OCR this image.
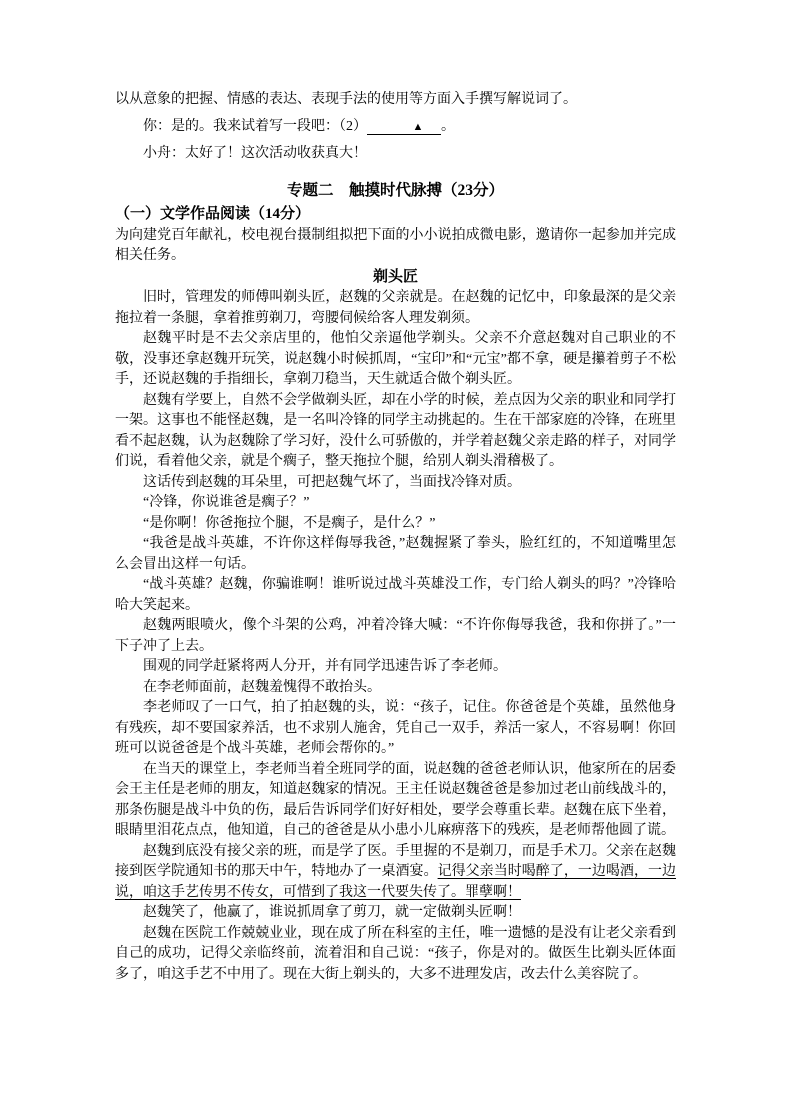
以从意象的把握、情感的表达、表现手法的使用等方面入手撰写解说词了。

你：是的。我来试着写一段吧：（2）	▲ 。

小舟：太好了！这次活动收获真大！

专题二　触摸时代脉搏（23分）
（一）文学作品阅读（14分）

为向建党百年献礼，校电视台摄制组拟把下面的小小说拍成微电影，邀请你一起参加并完成相关任务。

剃头匠

旧时，管理发的师傅叫剃头匠，赵魏的父亲就是。在赵魏的记忆中，印象最深的是父亲拖拉着一条腿，拿着推剪剃刀，弯腰伺候给客人理发剃须。

赵魏平时是不去父亲店里的，他怕父亲逼他学剃头。父亲不介意赵魏对自己职业的不敬，没事还拿赵魏开玩笑，说赵魏小时候抓周，“宝印”和“元宝”都不拿，硬是攥着剪子不松手，还说赵魏的手指细长，拿剃刀稳当，天生就适合做个剃头匠。

赵魏有学要上，自然不会学做剃头匠，却在小学的时候，差点因为父亲的职业和同学打一架。这事也不能怪赵魏，是一名叫冷锋的同学主动挑起的。生在干部家庭的冷锋，在班里看不起赵魏，认为赵魏除了学习好，没什么可骄傲的，并学着赵魏父亲走路的样子，对同学们说，看着他父亲，就是个瘸子，整天拖拉个腿，给别人剃头滑稽极了。

这话传到赵魏的耳朵里，可把赵魏气坏了，当面找冷锋对质。

“冷锋，你说谁爸是瘸子？”

“是你啊！你爸拖拉个腿，不是瘸子，是什么？”

“我爸是战斗英雄，不许你这样侮辱我爸，”赵魏握紧了拳头，脸红红的，不知道嘴里怎么会冒出这样一句话。

“战斗英雄？赵魏，你骗谁啊！谁听说过战斗英雄没工作，专门给人剃头的吗？”冷锋哈哈大笑起来。

赵魏两眼喷火，像个斗架的公鸡，冲着冷锋大喊：“不许你侮辱我爸，我和你拼了。”一下子冲了上去。

围观的同学赶紧将两人分开，并有同学迅速告诉了李老师。

在李老师面前，赵魏羞愧得不敢抬头。

李老师叹了一口气，拍了拍赵魏的头，说：“孩子，记住。你爸爸是个英雄，虽然他身有残疾，却不要国家养活，也不求别人施舍，凭自己一双手，养活一家人，不容易啊！你回班可以说爸爸是个战斗英雄，老师会帮你的。”

在当天的课堂上，李老师当着全班同学的面，说赵魏的爸爸老师认识，他家所在的居委会王主任是老师的朋友，知道赵魏家的情况。王主任说赵魏爸爸是参加过老山前线战斗的，那条伤腿是战斗中负的伤，最后告诉同学们好好相处，要学会尊重长辈。赵魏在底下坐着，眼睛里泪花点点，他知道，自己的爸爸是从小患小儿麻痹落下的残疾，是老师帮他圆了谎。

赵魏到底没有接父亲的班，而是学了医。手里握的不是剃刀，而是手术刀。父亲在赵魏接到医学院通知书的那天中午，特地办了一桌酒宴。记得父亲当时喝醉了，一边喝酒，一边说，咱这手艺传男不传女，可惜到了我这一代要失传了。罪孽啊！

赵魏笑了，他赢了，谁说抓周拿了剪刀，就一定做剃头匠啊！

赵魏在医院工作兢兢业业，现在成了所在科室的主任，唯一遗憾的是没有让老父亲看到自己的成功，记得父亲临终前，流着泪和自己说：“孩子，你是对的。做医生比剃头匠体面多了，咱这手艺不中用了。现在大街上剃头的，大多不进理发店，改去什么美容院了。
